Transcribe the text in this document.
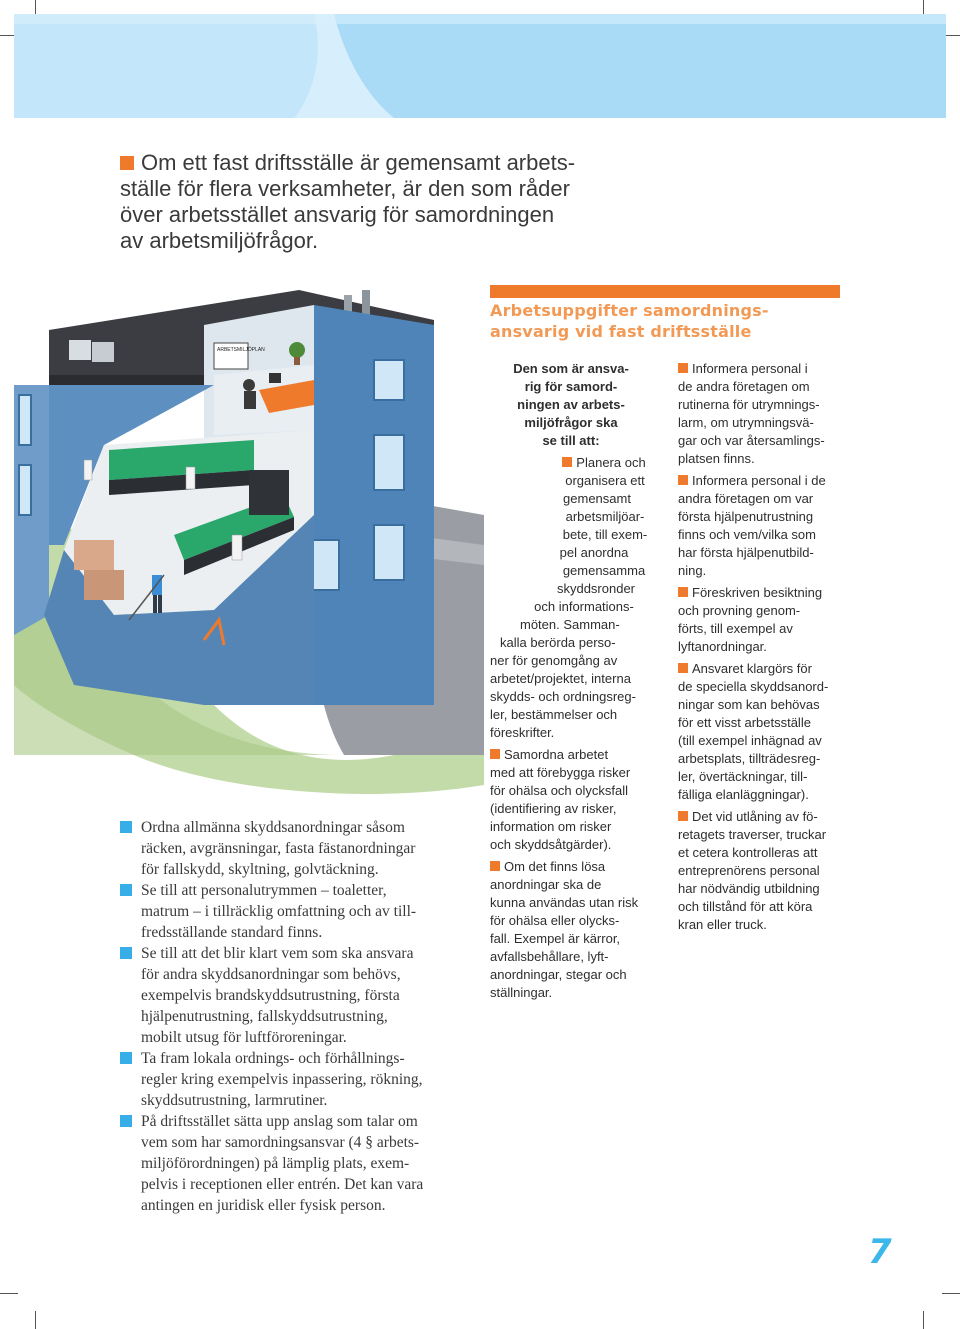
Om ett fast driftsställe är gemensamt arbets-
ställe för flera verksamheter, är den som råder
över arbetsstället ansvarig för samordningen
av arbetsmiljöfrågor.
ARBETSMILJÖPLAN
Ordna allmänna skyddsanordningar såsom
räcken, avgränsningar, fasta fästanordningar
för fallskydd, skyltning, golvtäckning.
Se till att personalutrymmen – toaletter,
matrum – i tillräcklig omfattning och av till-
fredsställande standard finns.
Se till att det blir klart vem som ska ansvara
för andra skyddsanordningar som behövs,
exempelvis brandskyddsutrustning, första
hjälpenutrustning, fallskyddsutrustning,
mobilt utsug för luftföroreningar.
Ta fram lokala ordnings- och förhållnings-
regler kring exempelvis inpassering, rökning,
skyddsutrustning, larmrutiner.
På driftsstället sätta upp anslag som talar om
vem som har samordningsansvar (4 § arbets-
miljöförordningen) på lämplig plats, exem-
pelvis i receptionen eller entrén. Det kan vara
antingen en juridisk eller fysisk person.
Arbetsuppgifter samordnings-
ansvarig vid fast driftsställe

Den som är ansva-
rig för samord-
ningen av arbets-
miljöfrågor ska
se till att:

Planera och
organisera ett
gemensamt
arbetsmiljöar-
bete, till exem-
pel anordna
gemensamma
skyddsronder
och informations-

möten. Samman-
kalla berörda perso-
ner för genomgång av
arbetet/projektet, interna
skydds- och ordningsreg-
ler, bestämmelser och
föreskrifter.

Samordna arbetet
med att förebygga risker
för ohälsa och olycksfall
(identifiering av risker,
information om risker
och skyddsåtgärder).

Om det finns lösa
anordningar ska de
kunna användas utan risk
för ohälsa eller olycks-
fall. Exempel är kärror,
avfallsbehållare, lyft-
anordningar, stegar och
ställningar.

Informera personal i
de andra företagen om
rutinerna för utrymnings-
larm, om utrymningsvä-
gar och var återsamlings-
platsen finns.

Informera personal i de
andra företagen om var
första hjälpenutrustning
finns och vem/vilka som
har första hjälpenutbild-
ning.

Föreskriven besiktning
och provning genom-
förts, till exempel av
lyftanordningar.

Ansvaret klargörs för
de speciella skyddsanord-
ningar som kan behövas
för ett visst arbetsställe
(till exempel inhägnad av
arbetsplats, tillträdesreg-
ler, övertäckningar, till-
fälliga elanläggningar).

Det vid utlåning av fö-
retagets traverser, truckar
et cetera kontrolleras att
entreprenörens personal
har nödvändig utbildning
och tillstånd för att köra
kran eller truck.

7
